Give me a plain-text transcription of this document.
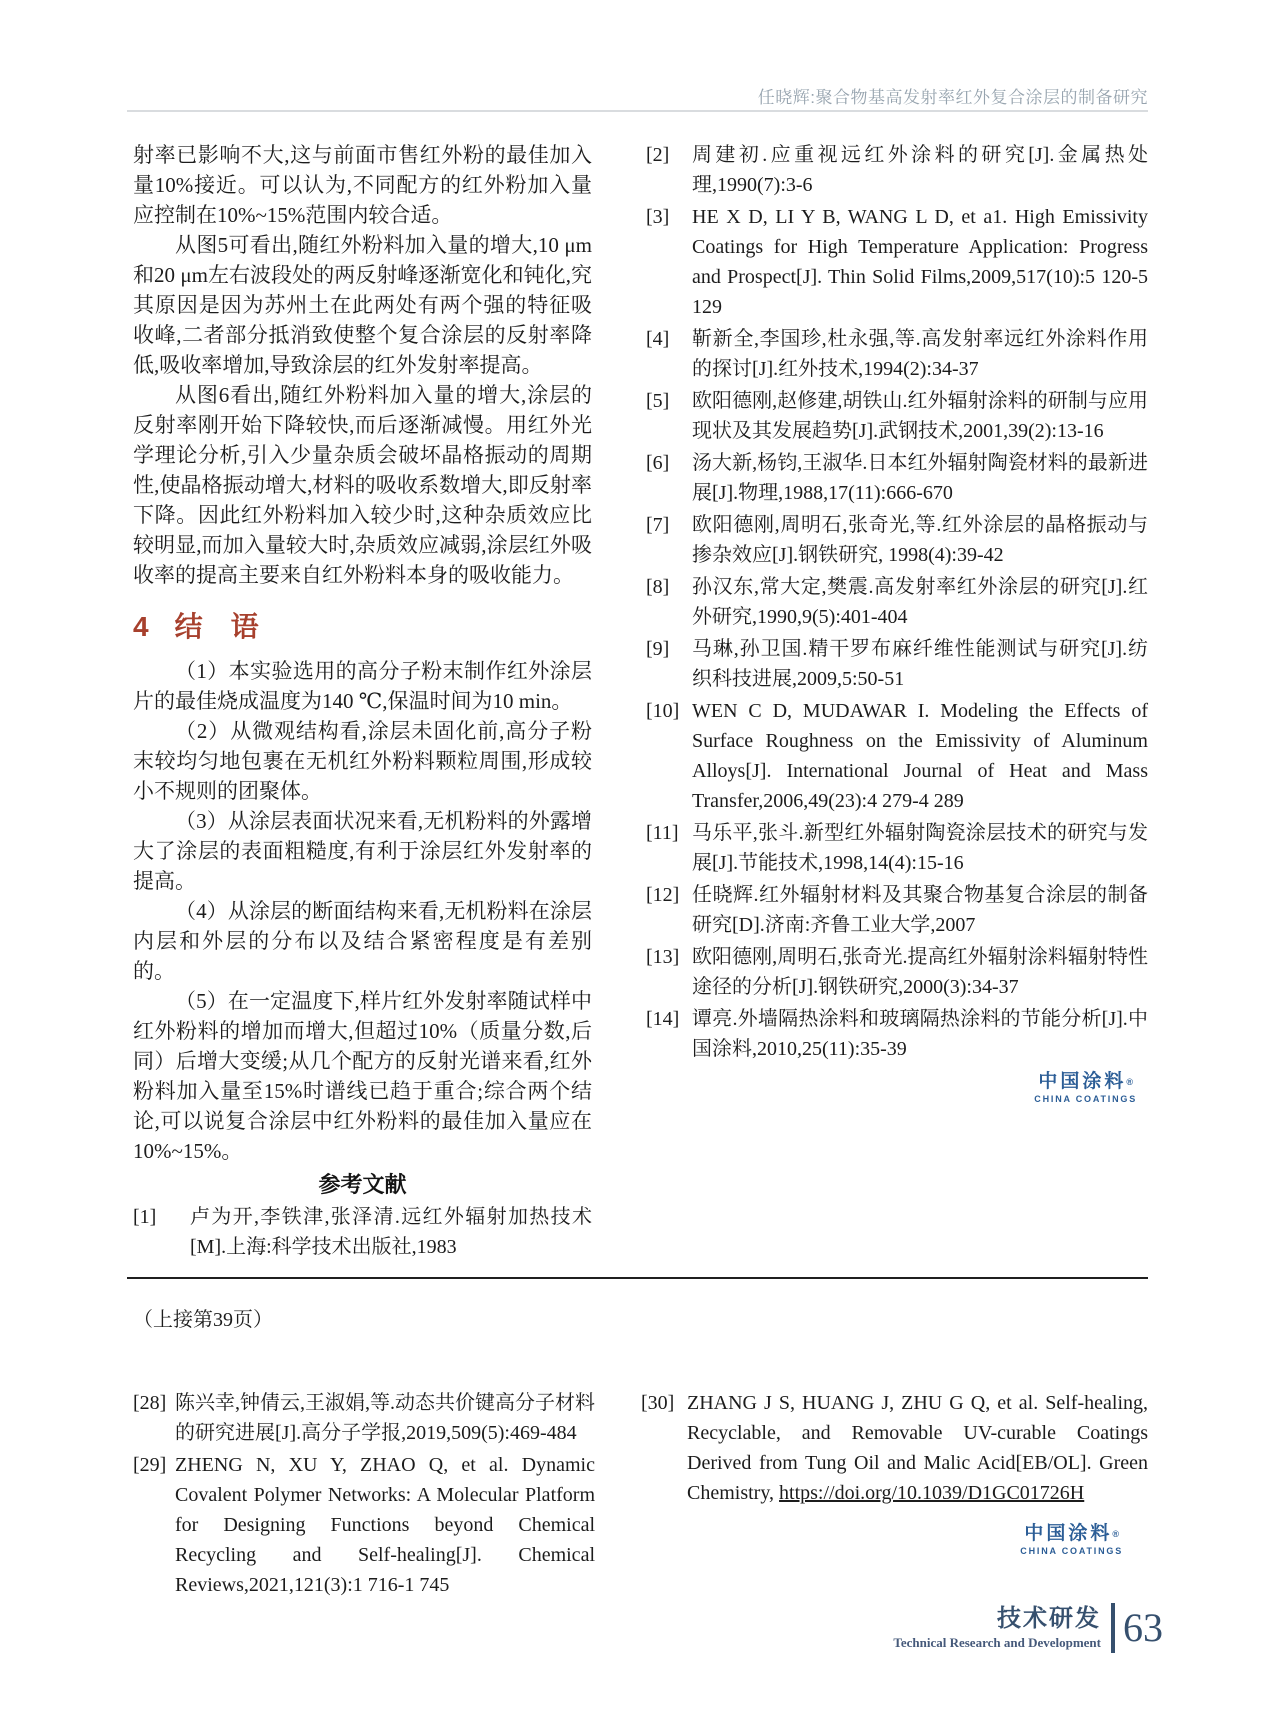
任晓辉:聚合物基高发射率红外复合涂层的制备研究

射率已影响不大,这与前面市售红外粉的最佳加入量10%接近。可以认为,不同配方的红外粉加入量应控制在10%~15%范围内较合适。

从图5可看出,随红外粉料加入量的增大,10 μm和20 μm左右波段处的两反射峰逐渐宽化和钝化,究其原因是因为苏州土在此两处有两个强的特征吸收峰,二者部分抵消致使整个复合涂层的反射率降低,吸收率增加,导致涂层的红外发射率提高。

从图6看出,随红外粉料加入量的增大,涂层的反射率刚开始下降较快,而后逐渐减慢。用红外光学理论分析,引入少量杂质会破坏晶格振动的周期性,使晶格振动增大,材料的吸收系数增大,即反射率下降。因此红外粉料加入较少时,这种杂质效应比较明显,而加入量较大时,杂质效应减弱,涂层红外吸收率的提高主要来自红外粉料本身的吸收能力。

4 结　语

（1）本实验选用的高分子粉末制作红外涂层片的最佳烧成温度为140 ℃,保温时间为10 min。

（2）从微观结构看,涂层未固化前,高分子粉末较均匀地包裹在无机红外粉料颗粒周围,形成较小不规则的团聚体。

（3）从涂层表面状况来看,无机粉料的外露增大了涂层的表面粗糙度,有利于涂层红外发射率的提高。

（4）从涂层的断面结构来看,无机粉料在涂层内层和外层的分布以及结合紧密程度是有差别的。

（5）在一定温度下,样片红外发射率随试样中红外粉料的增加而增大,但超过10%（质量分数,后同）后增大变缓;从几个配方的反射光谱来看,红外粉料加入量至15%时谱线已趋于重合;综合两个结论,可以说复合涂层中红外粉料的最佳加入量应在10%~15%。

参考文献
[1]	卢为开,李铁津,张泽清.远红外辐射加热技术[M].上海:科学技术出版社,1983
[2]	周建初.应重视远红外涂料的研究[J].金属热处理,1990(7):3-6
[3]	HE X D, LI Y B, WANG L D, et a1. High Emissivity Coatings for High Temperature Application: Progress and Prospect[J]. Thin Solid Films,2009,517(10):5 120-5 129
[4]	靳新全,李国珍,杜永强,等.高发射率远红外涂料作用的探讨[J].红外技术,1994(2):34-37
[5]	欧阳德刚,赵修建,胡铁山.红外辐射涂料的研制与应用现状及其发展趋势[J].武钢技术,2001,39(2):13-16
[6]	汤大新,杨钧,王淑华.日本红外辐射陶瓷材料的最新进展[J].物理,1988,17(11):666-670
[7]	欧阳德刚,周明石,张奇光,等.红外涂层的晶格振动与掺杂效应[J].钢铁研究, 1998(4):39-42
[8]	孙汉东,常大定,樊震.高发射率红外涂层的研究[J].红外研究,1990,9(5):401-404
[9]	马琳,孙卫国.精干罗布麻纤维性能测试与研究[J].纺织科技进展,2009,5:50-51
[10] WEN C D, MUDAWAR I. Modeling the Effects of Surface Roughness on the Emissivity of Aluminum Alloys[J]. International Journal of Heat and Mass Transfer,2006,49(23):4 279-4 289
[11] 马乐平,张斗.新型红外辐射陶瓷涂层技术的研究与发展[J].节能技术,1998,14(4):15-16
[12] 任晓辉.红外辐射材料及其聚合物基复合涂层的制备研究[D].济南:齐鲁工业大学,2007
[13] 欧阳德刚,周明石,张奇光.提高红外辐射涂料辐射特性途径的分析[J].钢铁研究,2000(3):34-37
[14] 谭亮.外墙隔热涂料和玻璃隔热涂料的节能分析[J].中国涂料,2010,25(11):35-39
中国涂料®
CHINA COATINGS
（上接第39页）
[28] 陈兴幸,钟倩云,王淑娟,等.动态共价键高分子材料的研究进展[J].高分子学报,2019,509(5):469-484
[29] ZHENG N, XU Y, ZHAO Q, et al. Dynamic Covalent Polymer Networks: A Molecular Platform for Designing Functions beyond Chemical Recycling and Self-healing[J]. Chemical Reviews,2021,121(3):1 716-1 745
[30] ZHANG J S, HUANG J, ZHU G Q, et al. Self-healing, Recyclable, and Removable UV-curable Coatings Derived from Tung Oil and Malic Acid[EB/OL]. Green Chemistry, https://doi.org/10.1039/D1GC01726H
中国涂料®
CHINA COATINGS
技术研发
Technical Research and Development 63
